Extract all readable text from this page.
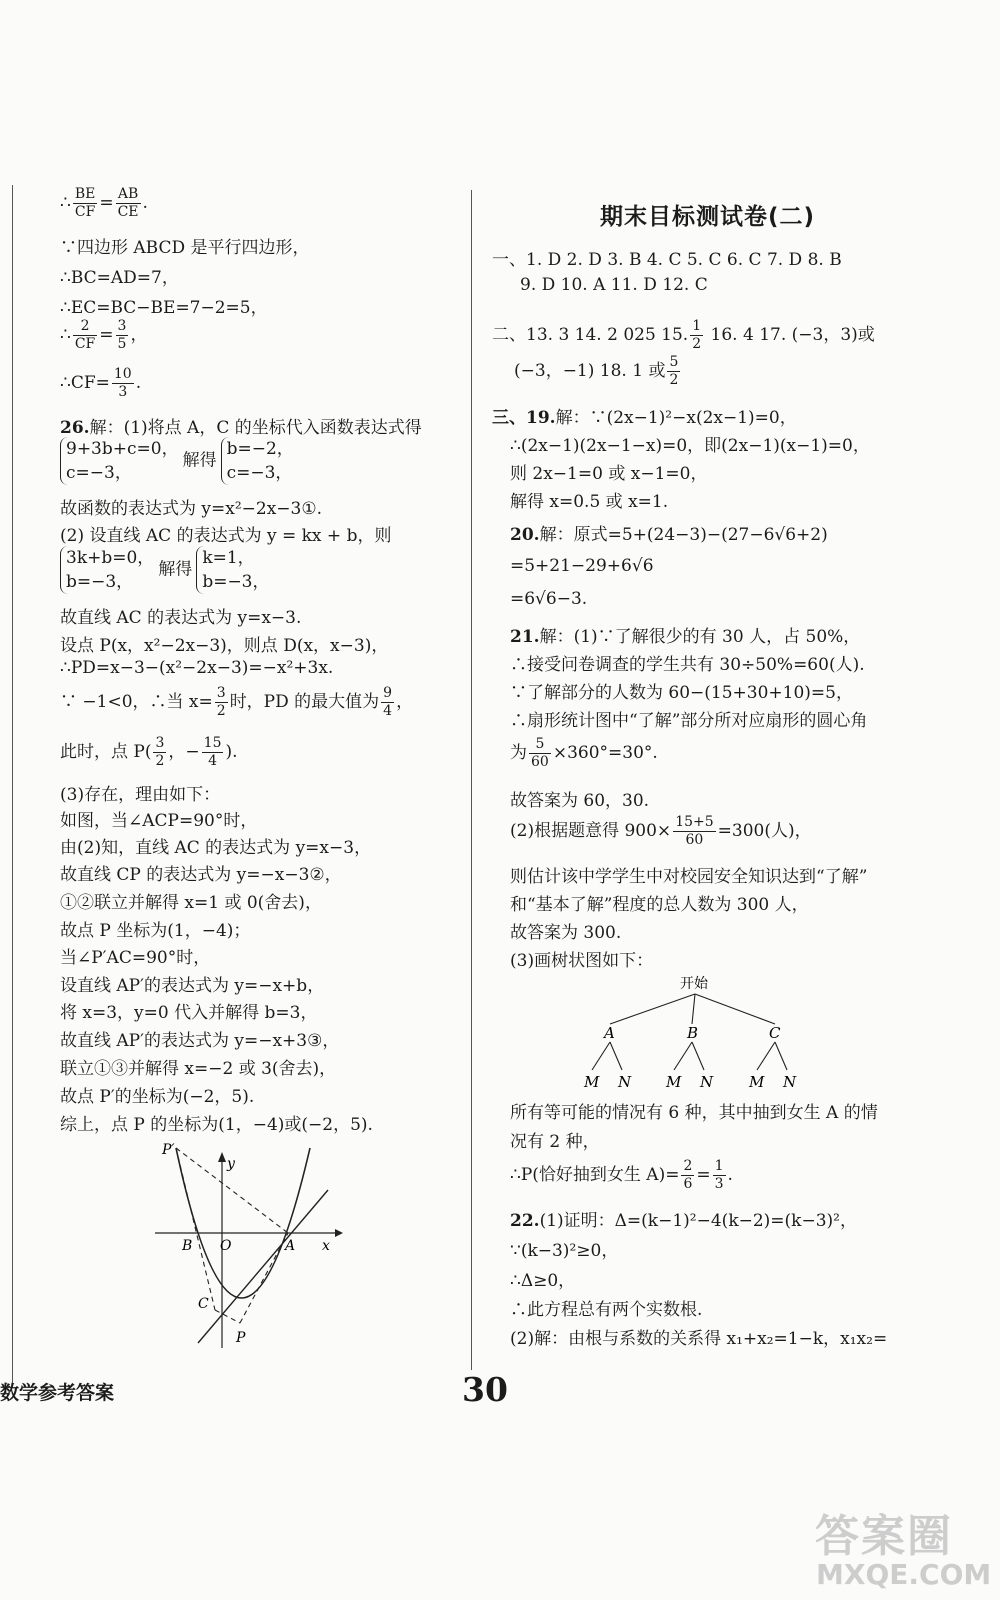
∴ $\frac{BE}{CF} = \frac{AB}{CE}$ .
∵四边形 ABCD 是平行四边形，
∴BC=AD=7，
∴EC=BC−BE=7−2=5，
∴ $\frac{2}{CF} = \frac{3}{5}$ ，
∴CF= $\frac{10}{3}$ .
26.解：(1)将点 A，C 的坐标代入函数表达式得
9+3b+c=0，
c=−3，
解得
b=−2，
c=−3，
故函数的表达式为 y=x²−2x−3①.
(2) 设直线 AC 的表达式为 y = kx + b，则
3k+b=0，
b=−3，
解得
k=1，
b=−3，
故直线 AC 的表达式为 y=x−3.
设点 P(x，x²−2x−3)，则点 D(x，x−3)，
∴PD=x−3−(x²−2x−3)=−x²+3x.
∵ −1<0，∴当 $x= \frac{3}{2}$ 时，PD 的最大值为 $\frac{9}{4}$ ，
此时，点 $P( \frac{3}{2}$ ，− $\frac{15}{4}$ ).
(3)存在，理由如下：
如图，当∠ACP=90°时，
由(2)知，直线 AC 的表达式为 y=x−3，
故直线 CP 的表达式为 y=−x−3②，
①②联立并解得 x=1 或 0(舍去)，
故点 P 坐标为(1，−4)；
当∠P′AC=90°时，
设直线 AP′的表达式为 y=−x+b，
将 x=3，y=0 代入并解得 b=3，
故直线 AP′的表达式为 y=−x+3③，
联立①③并解得 x=−2 或 3(舍去)，
故点 P′的坐标为(−2，5).
综上，点 P 的坐标为(1，−4)或(−2，5).
P′
y
B O	A x
C
P
期末目标测试卷(二)
一、1. D 2. D 3. B 4. C 5. C 6. C 7. D 8. B
9. D 10. A 11. D 12. C
二、13. 3 14. 2 025 15. $\frac{1}{2} 16$. 4 17. (−3，3)或
(−3，−1) 18. 1 或 $\frac{5}{2}$
三、19.解：∵(2x−1)²−x(2x−1)=0，
∴(2x−1)(2x−1−x)=0，即(2x−1)(x−1)=0，
则 2x−1=0 或 x−1=0，
解得 x=0.5 或 x=1.
20.解：原式=5+(24−3)−(27−6√6+2)
=5+21−29+6√6
=6√6−3.
21.解：(1)∵了解很少的有 30 人，占 50%，
∴接受问卷调查的学生共有 30÷50%=60(人).
∵了解部分的人数为 60−(15+30+10)=5，
∴扇形统计图中“了解”部分所对应扇形的圆心角
为 $\frac{5}{60} \times 360^\circ=30^\circ$.
故答案为 60，30.
(2)根据题意得 $900\times \frac{15+5}{60} =300$(人)，
则估计该中学学生中对校园安全知识达到“了解”
和“基本了解”程度的总人数为 300 人，
故答案为 300.
(3)画树状图如下：
所有等可能的情况有 6 种，其中抽到女生 A 的情
况有 2 种，
∴P(恰好抽到女生 $A)= \frac{2}{6} = \frac{1}{3}$ .
22.(1)证明：Δ=(k−1)²−4(k−2)=(k−3)²，
∵(k−3)²≥0，
∴Δ≥0，
∴此方程总有两个实数根.
(2)解：由根与系数的关系得 x₁+x₂=1−k，x₁x₂=
开始
A	B	C
M N M N M N
数学参考答案	30
答案圈
MXQE.COM
